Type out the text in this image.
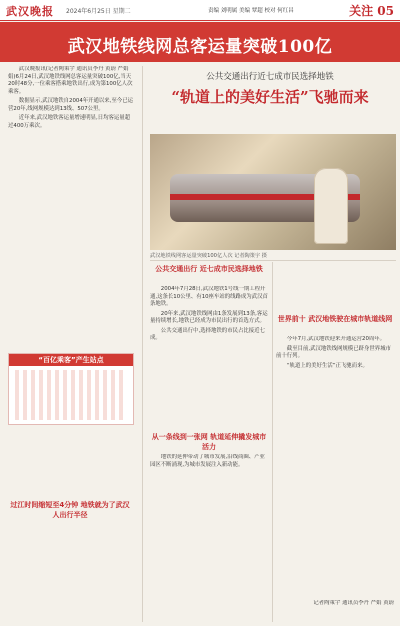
武汉晚报 2024年6月25日 星期二	责编 刘明属 美编 覃超 校对 何红昌	关注 05
武汉地铁线网总客运量突破100亿

武汉晚报讯(记者陶策宇 通讯员李丹 黄蔚 严娟娟)6月24日,武汉地铁线网总客运量突破100亿,当天20时48分,一位乘客搭乘地铁出行,成为第100亿人次乘客。

数据显示,武汉地铁自2004年开通以来,至今已运营20年,线网规模达到13线、507公里。

近年来,武汉地铁客运量增速明显,日均客运量超过400万乘次。

“百亿乘客”产生站点
过江时间缩短至4分钟 地铁就为了武汉人出行半径
公共交通出行近七成市民选择地铁
“轨道上的美好生活”飞驰而来
武汉地铁线网客运量突破100亿人次 记者陶策宇 摄
公共交通出行 近七成市民选择地铁

2004年7月28日,武汉地铁1号线一期工程开通,这条长10公里、有10座车站的线路成为武汉首条地铁。

20年来,武汉地铁线网由1条发展到13条,客运量持续增长,地铁已经成为市民出行的首选方式。

公共交通出行中,选择地铁的市民占比接近七成。

从一条线到一张网 轨道延伸撬发城市活力

地铁的延伸带动了城市发展,沿线商圈、产业园区不断涌现,为城市发展注入新动能。

世界前十 武汉地铁驶在城市轨道线网

今年7月,武汉地铁迎来开通运营20周年。

截至目前,武汉地铁线网规模已跻身世界城市前十行列。

“轨道上的美好生活”正飞驰而来。

记者陶策宇 通讯员李丹 严娟 黄蔚
